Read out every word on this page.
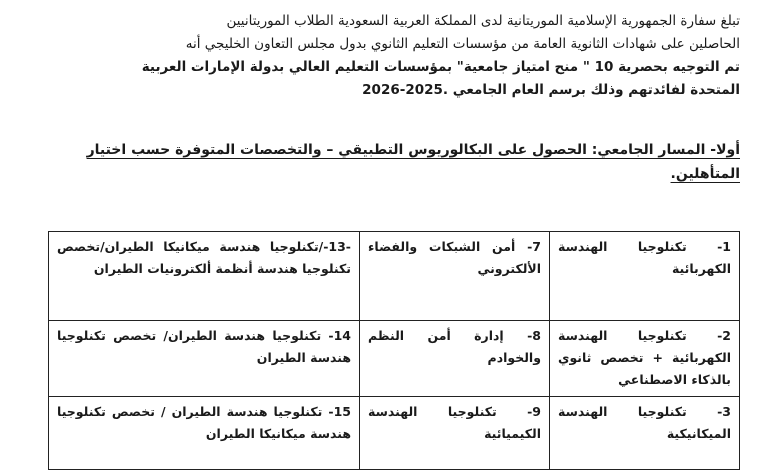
تبلغ سفارة الجمهورية الإسلامية الموريتانية لدى المملكة العربية السعودية الطلاب الموريتانيين

الحاصلين على شهادات الثانوية العامة من مؤسسات التعليم الثانوي بدول مجلس التعاون الخليجي أنه

تم التوجيه بحصرية 10 " منح امتياز جامعية" بمؤسسات التعليم العالي بدولة الإمارات العربية

المتحدة لفائدتهم وذلك برسم العام الجامعي .2025-2026

أولا- المسار الجامعي: الحصول على البكالوريوس التطبيقي – والتخصصات المتوفرة حسب اختيار المتأهلين.
1- تكنلوجيا الهندسة الكهربائية	7- أمن الشبكات والفضاء الألكتروني	-13-/تكنلوجيا هندسة ميكانيكا الطيران/تخصص تكنلوجيا هندسة أنظمة ألكترونيات الطيران
2- تكنلوجيا الهندسة الكهربائية + تخصص ثانوي بالذكاء الاصطناعي	8- إدارة أمن النظم والخوادم	14- تكنلوجيا هندسة الطيران/ تخصص تكنلوجيا هندسة الطيران
3- تكنلوجيا الهندسة الميكانيكية	9- تكنلوجيا الهندسة الكيميائية	15- تكنلوجيا هندسة الطيران / تخصص تكنلوجيا هندسة ميكانيكا الطيران
